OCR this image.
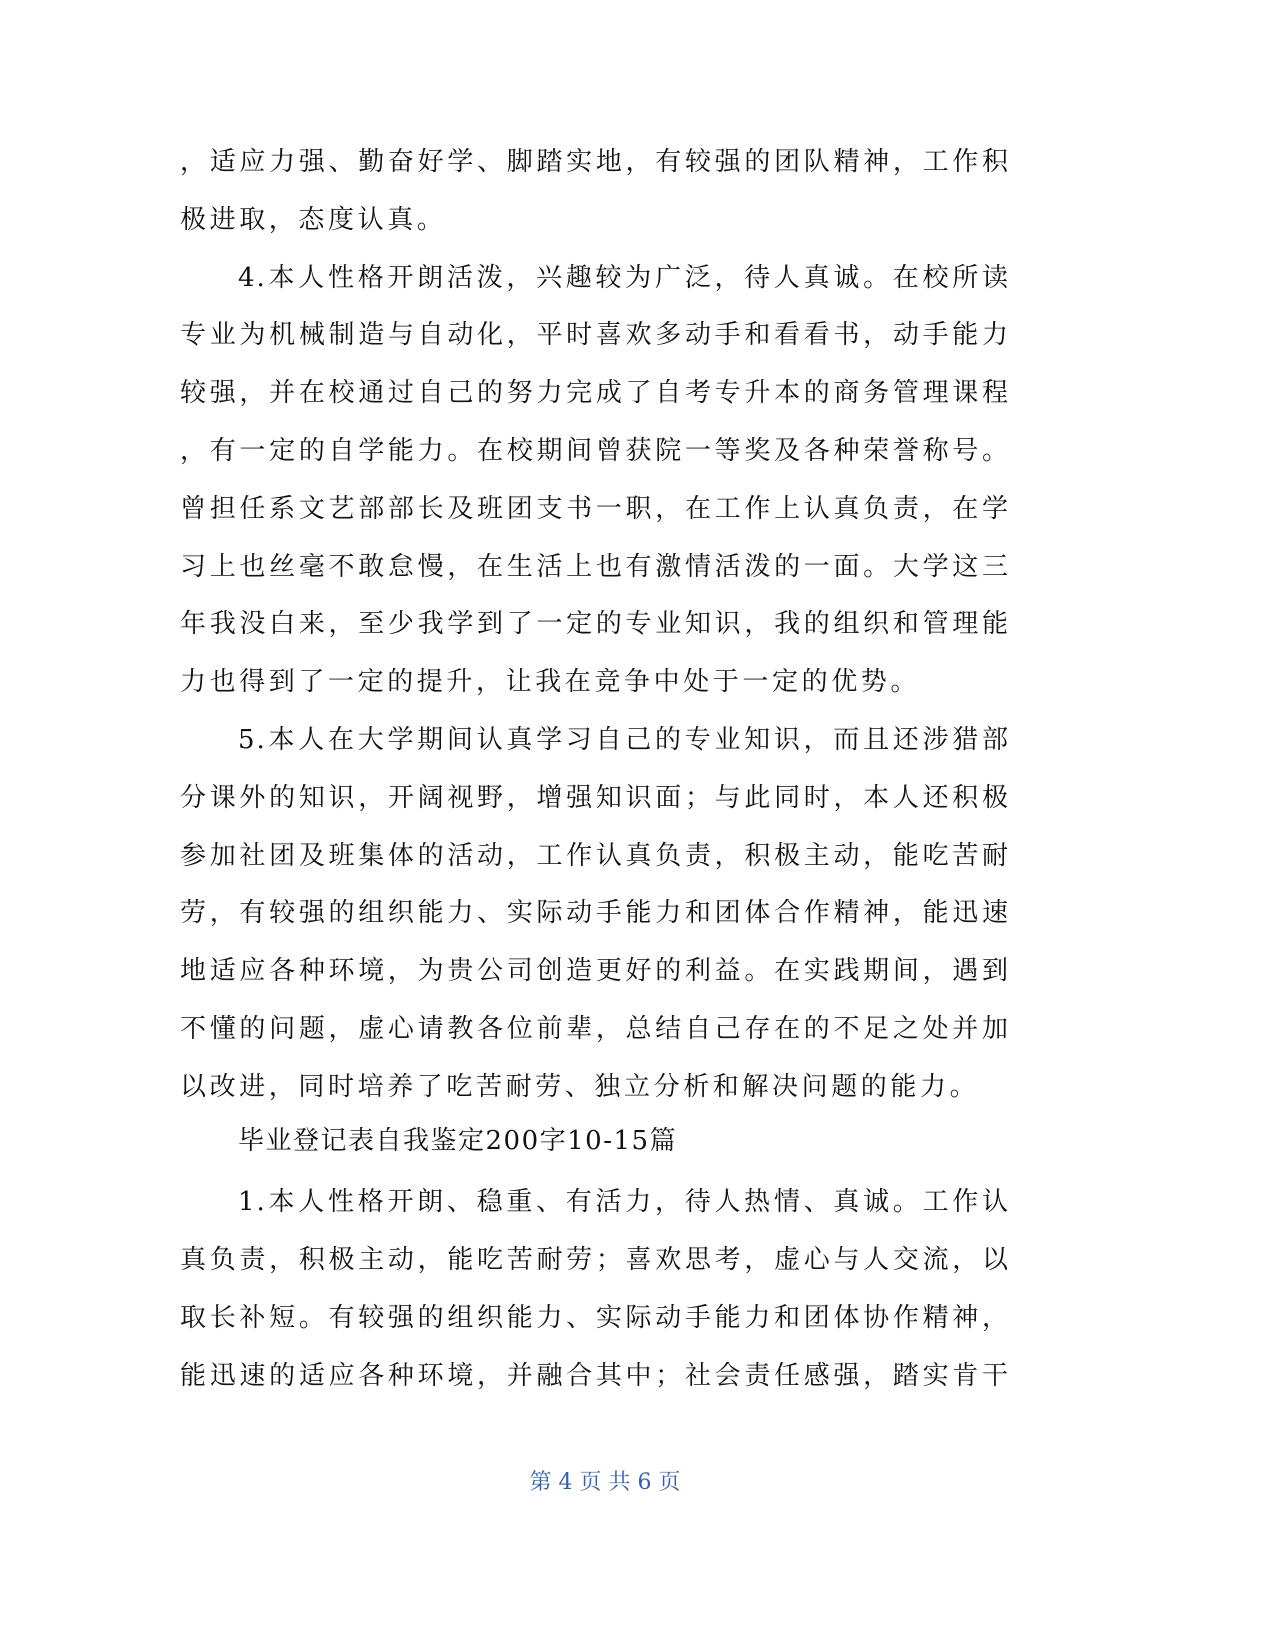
，适应力强、勤奋好学、脚踏实地，有较强的团队精神，工作积
极进取，态度认真。
4.本人性格开朗活泼，兴趣较为广泛，待人真诚。在校所读
专业为机械制造与自动化，平时喜欢多动手和看看书，动手能力
较强，并在校通过自己的努力完成了自考专升本的商务管理课程
，有一定的自学能力。在校期间曾获院一等奖及各种荣誉称号。
曾担任系文艺部部长及班团支书一职，在工作上认真负责，在学
习上也丝毫不敢怠慢，在生活上也有激情活泼的一面。大学这三
年我没白来，至少我学到了一定的专业知识，我的组织和管理能
力也得到了一定的提升，让我在竞争中处于一定的优势。
5.本人在大学期间认真学习自己的专业知识，而且还涉猎部
分课外的知识，开阔视野，增强知识面；与此同时，本人还积极
参加社团及班集体的活动，工作认真负责，积极主动，能吃苦耐
劳，有较强的组织能力、实际动手能力和团体合作精神，能迅速
地适应各种环境，为贵公司创造更好的利益。在实践期间，遇到
不懂的问题，虚心请教各位前辈，总结自己存在的不足之处并加
以改进，同时培养了吃苦耐劳、独立分析和解决问题的能力。
毕业登记表自我鉴定200字10-15篇
1.本人性格开朗、稳重、有活力，待人热情、真诚。工作认
真负责，积极主动，能吃苦耐劳；喜欢思考，虚心与人交流，以
取长补短。有较强的组织能力、实际动手能力和团体协作精神，
能迅速的适应各种环境，并融合其中；社会责任感强，踏实肯干
第 4 页 共 6 页
